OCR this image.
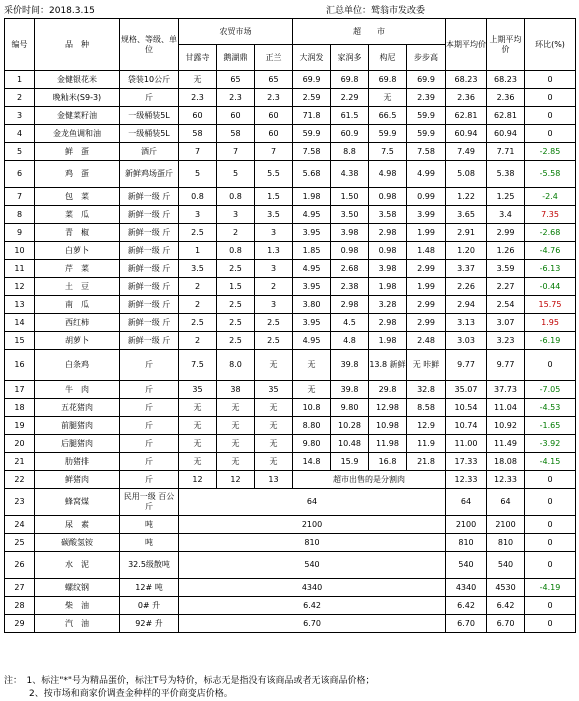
采价时间：2018.3.15	汇总单位：鹫翁市发改委
编号	品　种	规格、等级、单位	农贸市场			超　　市				本期平均价	上期平均价	环比(%)
			甘露寺	鹅湖鼎	正兰	大润发	家润多	构尼	步步高			
1	金健银花米	袋装10公斤	无	65	65	69.9	69.8	69.8	69.9	68.23	68.23	0
2	晚籼米(S9-3)	斤	2.3	2.3	2.3	2.59	2.29	无	2.39	2.36	2.36	0
3	金健菜籽油	一级桶装5L	60	60	60	71.8	61.5	66.5	59.9	62.81	62.81	0
4	金龙鱼调和油	一级桶装5L	58	58	60	59.9	60.9	59.9	59.9	60.94	60.94	0
5	鲜　蛋	酒斤	7	7	7	7.58	8.8	7.5	7.58	7.49	7.71	-2.85
6	鸡　蛋	新鲜鸡场蛋斤	5	5	5.5	5.68	4.38	4.98	4.99	5.08	5.38	-5.58
7	包　菜	新鲜一级 斤	0.8	0.8	1.5	1.98	1.50	0.98	0.99	1.22	1.25	-2.4
8	菜　瓜	新鲜一级 斤	3	3	3.5	4.95	3.50	3.58	3.99	3.65	3.4	7.35
9	青　椒	新鲜一级 斤	2.5	2	3	3.95	3.98	2.98	1.99	2.91	2.99	-2.68
10	白萝卜	新鲜一级 斤	1	0.8	1.3	1.85	0.98	0.98	1.48	1.20	1.26	-4.76
11	芹　菜	新鲜一级 斤	3.5	2.5	3	4.95	2.68	3.98	2.99	3.37	3.59	-6.13
12	土　豆	新鲜一级 斤	2	1.5	2	3.95	2.38	1.98	1.99	2.26	2.27	-0.44
13	南　瓜	新鲜一级 斤	2	2.5	3	3.80	2.98	3.28	2.99	2.94	2.54	15.75
14	西红柿	新鲜一级 斤	2.5	2.5	2.5	3.95	4.5	2.98	2.99	3.13	3.07	1.95
15	胡萝卜	新鲜一级 斤	2	2.5	2.5	4.95	4.8	1.98	2.48	3.03	3.23	-6.19
16	白条鸡	斤	7.5	8.0	无	无	39.8	13.8 新鲜	无 咔鲜	9.77	9.77	0
17	牛　肉	斤	35	38	35	无	39.8	29.8	32.8	35.07	37.73	-7.05
18	五花猪肉	斤	无	无	无	10.8	9.80	12.98	8.58	10.54	11.04	-4.53
19	前腿猪肉	斤	无	无	无	8.80	10.28	10.98	12.9	10.74	10.92	-1.65
20	后腿猪肉	斤	无	无	无	9.80	10.48	11.98	11.9	11.00	11.49	-3.92
21	肋猪排	斤	无	无	无	14.8	15.9	16.8	21.8	17.33	18.08	-4.15
22	鲜猪肉	斤	12	12	13	超市出售的是分割肉				12.33	12.33	0
23	蜂窝煤	民用一级 百公斤	64							64	64	0
24	尿　素	吨	2100							2100	2100	0
25	碳酸氢铵	吨	810							810	810	0
26	水　泥	32.5级散吨	540							540	540	0
27	螺纹钢	12# 吨	4340							4340	4530	-4.19
28	柴　油	0# 升	6.42							6.42	6.42	0
29	汽　油	92# 升	6.70							6.70	6.70	0
注：　1、标注"*"号为精品蛋价，标注T号为特价，标志无是指没有该商品或者无该商品价格；
2、按市场和商家价调查金种样的平价商变店价格。
